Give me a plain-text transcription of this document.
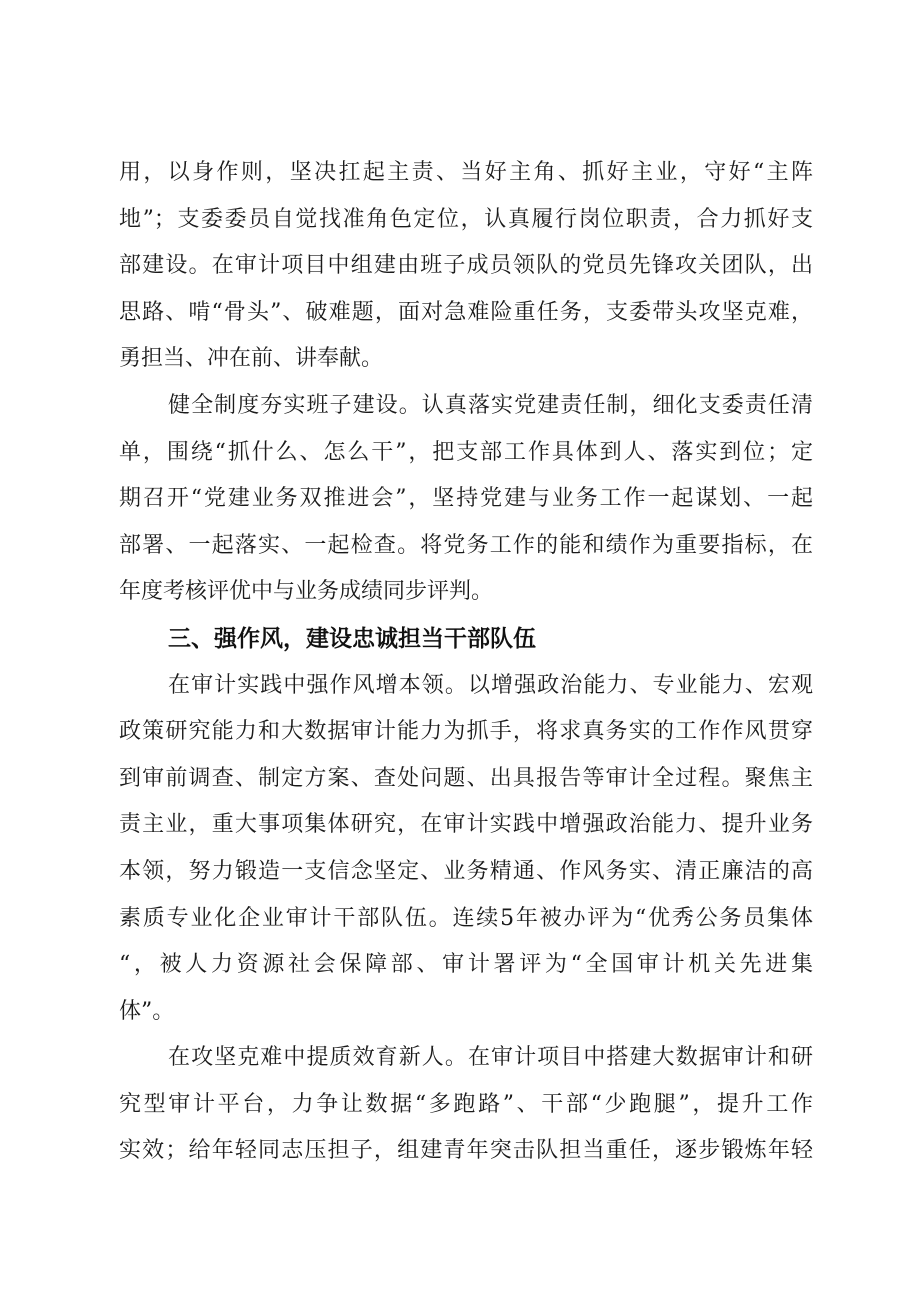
用，以身作则，坚决扛起主责、当好主角、抓好主业，守好“主阵
地”；支委委员自觉找准角色定位，认真履行岗位职责，合力抓好支
部建设。在审计项目中组建由班子成员领队的党员先锋攻关团队，出
思路、啃“骨头”、破难题，面对急难险重任务，支委带头攻坚克难，
勇担当、冲在前、讲奉献。
健全制度夯实班子建设。认真落实党建责任制，细化支委责任清
单，围绕“抓什么、怎么干”，把支部工作具体到人、落实到位；定
期召开“党建业务双推进会”，坚持党建与业务工作一起谋划、一起
部署、一起落实、一起检查。将党务工作的能和绩作为重要指标，在
年度考核评优中与业务成绩同步评判。
三、强作风，建设忠诚担当干部队伍
在审计实践中强作风增本领。以增强政治能力、专业能力、宏观
政策研究能力和大数据审计能力为抓手，将求真务实的工作作风贯穿
到审前调查、制定方案、查处问题、出具报告等审计全过程。聚焦主
责主业，重大事项集体研究，在审计实践中增强政治能力、提升业务
本领，努力锻造一支信念坚定、业务精通、作风务实、清正廉洁的高
素质专业化企业审计干部队伍。连续5年被办评为“优秀公务员集体
“，被人力资源社会保障部、审计署评为“全国审计机关先进集
体”。
在攻坚克难中提质效育新人。在审计项目中搭建大数据审计和研
究型审计平台，力争让数据“多跑路”、干部“少跑腿”，提升工作
实效；给年轻同志压担子，组建青年突击队担当重任，逐步锻炼年轻
